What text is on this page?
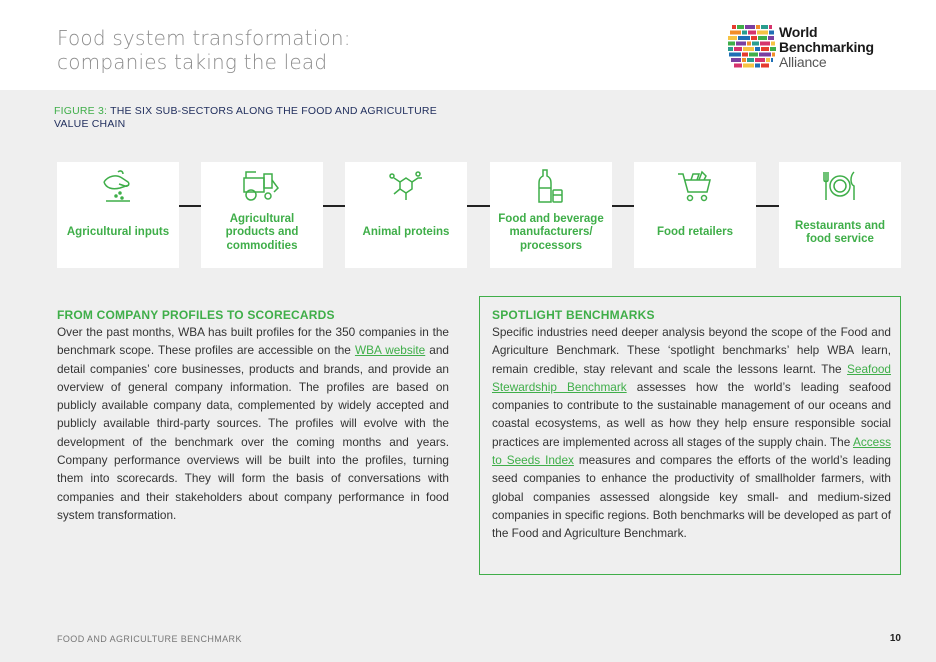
Food system transformation:
companies taking the lead
World
Benchmarking
Alliance
FIGURE 3: THE SIX SUB-SECTORS ALONG THE FOOD AND AGRICULTURE VALUE CHAIN
Agricultural inputs
Agricultural products and commodities
Animal proteins
Food and beverage manufacturers/ processors
Food retailers
Restaurants and food service
FROM COMPANY PROFILES TO SCORECARDS

Over the past months, WBA has built profiles for the 350 companies in the benchmark scope. These profiles are accessible on the WBA website and detail companies’ core businesses, products and brands, and provide an overview of general company information. The profiles are based on publicly available company data, complemented by widely accepted and publicly available third-party sources. The profiles will evolve with the development of the benchmark over the coming months and years. Company performance overviews will be built into the profiles, turning them into scorecards. They will form the basis of conversations with companies and their stakeholders about company performance in food system transformation.

SPOTLIGHT BENCHMARKS

Specific industries need deeper analysis beyond the scope of the Food and Agriculture Benchmark. These ‘spotlight benchmarks’ help WBA learn, remain credible, stay relevant and scale the lessons learnt. The Seafood Stewardship Benchmark assesses how the world’s leading seafood companies to contribute to the sustainable management of our oceans and coastal ecosystems, as well as how they help ensure responsible social practices are implemented across all stages of the supply chain. The Access to Seeds Index measures and compares the efforts of the world’s leading seed companies to enhance the productivity of smallholder farmers, with global companies assessed alongside key small- and medium-sized companies in specific regions. Both benchmarks will be developed as part of the Food and Agriculture Benchmark.

FOOD AND AGRICULTURE BENCHMARK	10
